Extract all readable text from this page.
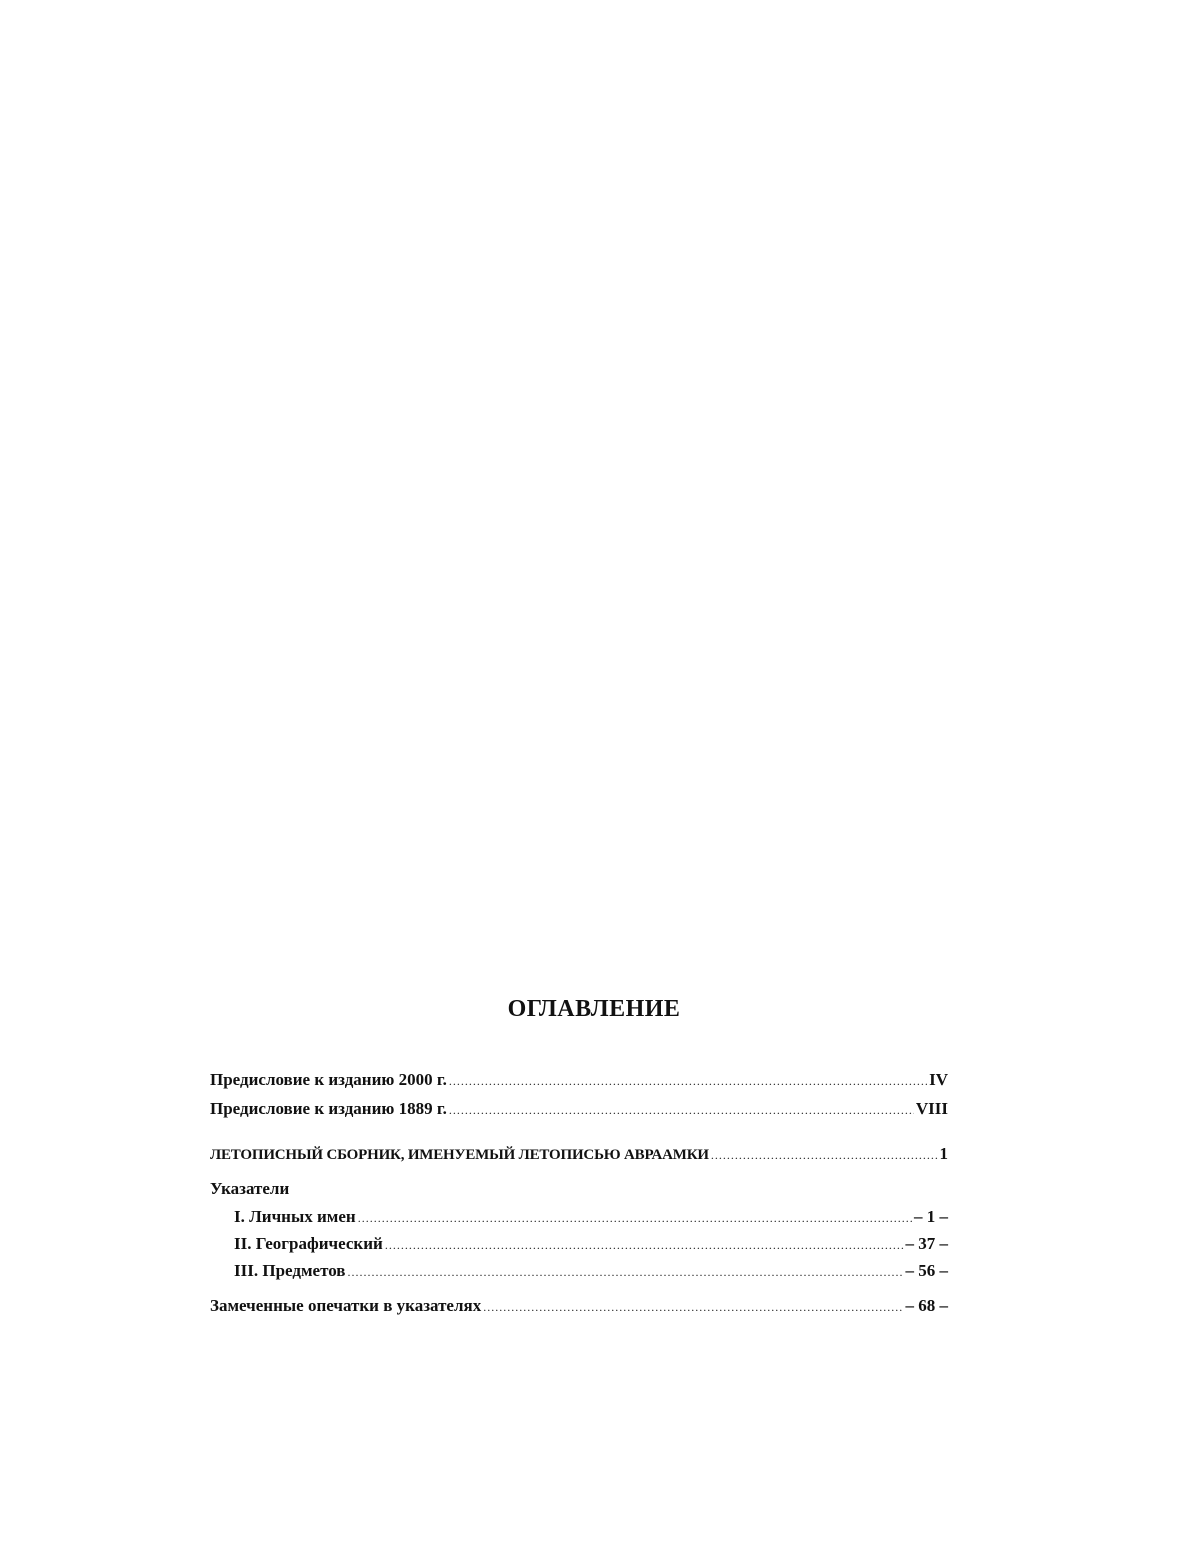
ОГЛАВЛЕНИЕ
Предисловие к изданию 2000 г. .....	IV
Предисловие к изданию 1889 г. .....	VIII
ЛЕТОПИСНЫЙ СБОРНИК, ИМЕНУЕМЫЙ ЛЕТОПИСЬЮ АВРААМКИ .....	1
Указатели
I. Личных имен .....	– 1 –
II. Географический .....	– 37 –
III. Предметов .....	– 56 –
Замеченные опечатки в указателях .....	– 68 –
